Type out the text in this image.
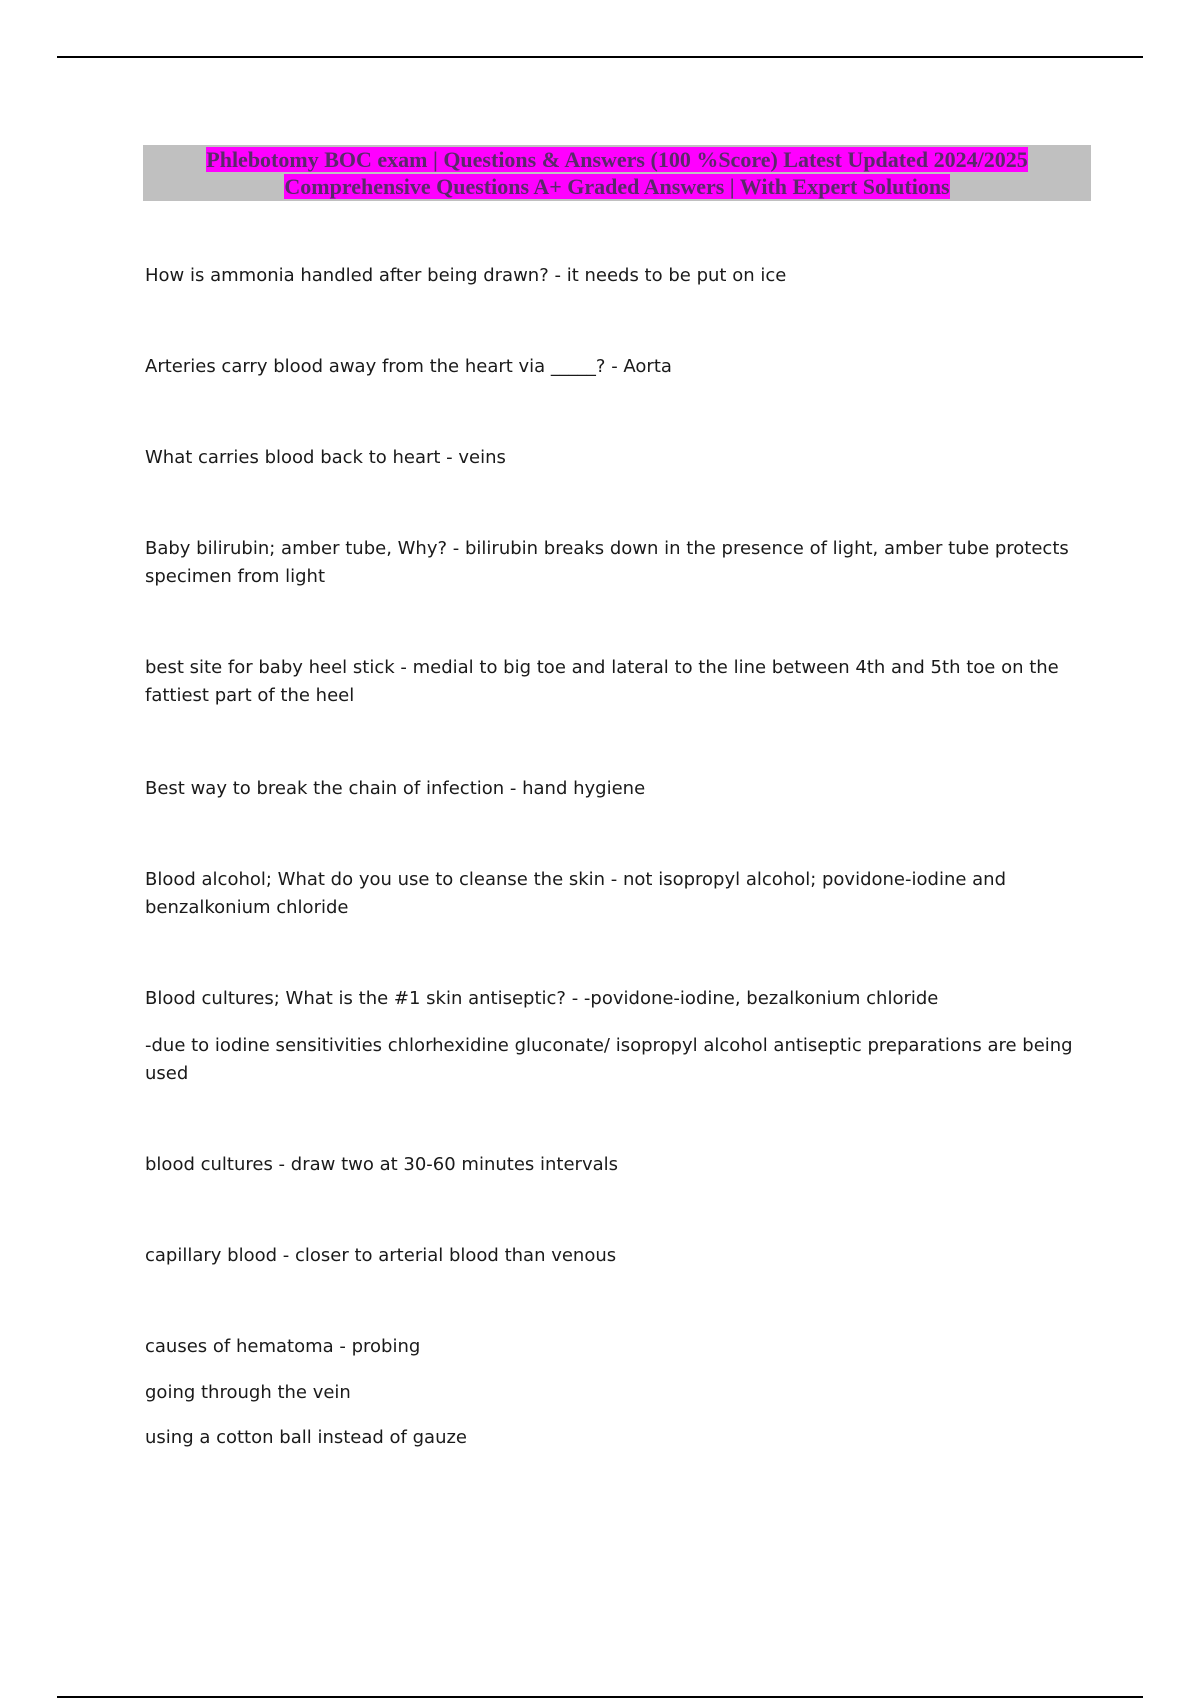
Phlebotomy BOC exam | Questions & Answers (100 %Score) Latest Updated 2024/2025
Comprehensive Questions A+ Graded Answers | With Expert Solutions

How is ammonia handled after being drawn? - it needs to be put on ice

Arteries carry blood away from the heart via _____? - Aorta

What carries blood back to heart - veins

Baby bilirubin; amber tube, Why? - bilirubin breaks down in the presence of light, amber tube protects specimen from light

best site for baby heel stick - medial to big toe and lateral to the line between 4th and 5th toe on the fattiest part of the heel

Best way to break the chain of infection - hand hygiene

Blood alcohol; What do you use to cleanse the skin - not isopropyl alcohol; povidone-iodine and benzalkonium chloride

Blood cultures; What is the #1 skin antiseptic? - -povidone-iodine, bezalkonium chloride

-due to iodine sensitivities chlorhexidine gluconate/ isopropyl alcohol antiseptic preparations are being used

blood cultures - draw two at 30-60 minutes intervals

capillary blood - closer to arterial blood than venous

causes of hematoma - probing

going through the vein

using a cotton ball instead of gauze
